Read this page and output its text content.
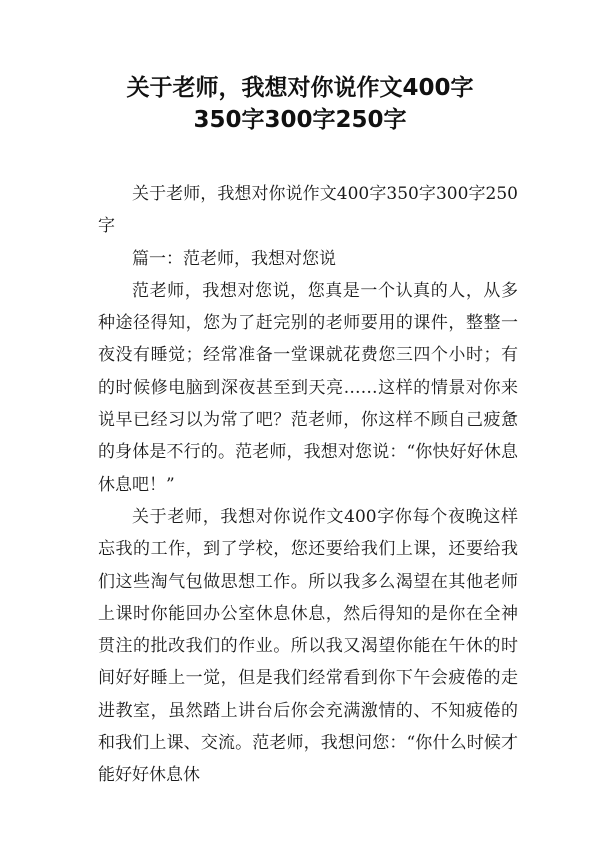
关于老师，我想对你说作文400字
350字300字250字

关于老师，我想对你说作文400字350字300字250字

篇一：范老师，我想对您说

范老师，我想对您说，您真是一个认真的人，从多种途径得知，您为了赶完别的老师要用的课件，整整一夜没有睡觉；经常准备一堂课就花费您三四个小时；有的时候修电脑到深夜甚至到天亮……这样的情景对你来说早已经习以为常了吧？范老师，你这样不顾自己疲惫的身体是不行的。范老师，我想对您说：“你快好好休息休息吧！”

关于老师，我想对你说作文400字你每个夜晚这样忘我的工作，到了学校，您还要给我们上课，还要给我们这些淘气包做思想工作。所以我多么渴望在其他老师上课时你能回办公室休息休息，然后得知的是你在全神贯注的批改我们的作业。所以我又渴望你能在午休的时间好好睡上一觉，但是我们经常看到你下午会疲倦的走进教室，虽然踏上讲台后你会充满激情的、不知疲倦的和我们上课、交流。范老师，我想问您：“你什么时候才能好好休息休
